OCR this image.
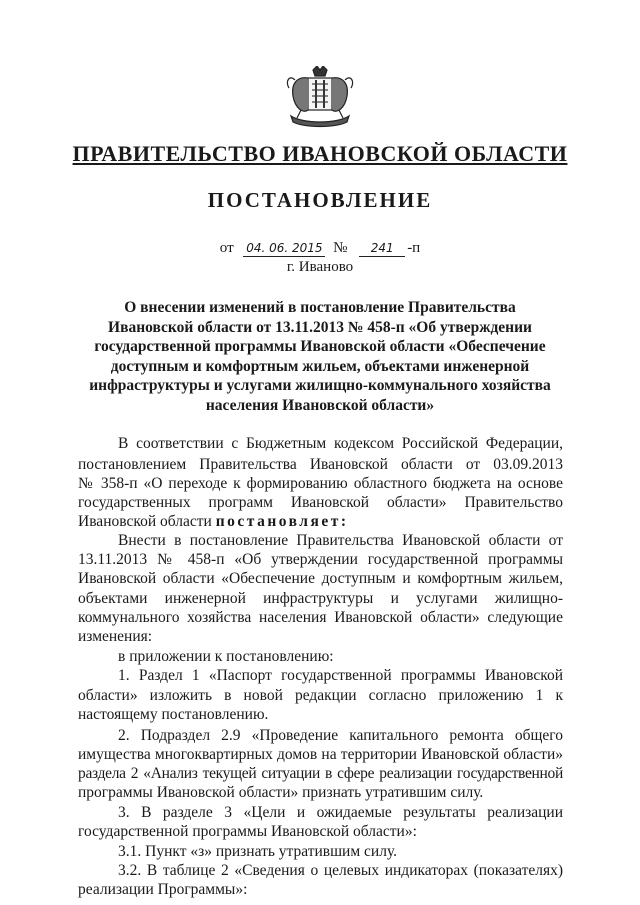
ПРАВИТЕЛЬСТВО ИВАНОВСКОЙ ОБЛАСТИ
ПОСТАНОВЛЕНИЕ
от 04. 06. 2015 № 241 -п
г. Иваново
О внесении изменений в постановление Правительства Ивановской области от 13.11.2013 № 458-п «Об утверждении государственной программы Ивановской области «Обеспечение доступным и комфортным жильем, объектами инженерной инфраструктуры и услугами жилищно-коммунального хозяйства населения Ивановской области»
В соответствии с Бюджетным кодексом Российской Федерации,
постановлением Правительства Ивановской области от 03.09.2013
№ 358-п «О переходе к формированию областного бюджета на основе
государственных программ Ивановской области» Правительство
Ивановской области постановляет:
Внести в постановление Правительства Ивановской области от
13.11.2013 № 458-п «Об утверждении государственной программы
Ивановской области «Обеспечение доступным и комфортным жильем,
объектами инженерной инфраструктуры и услугами жилищно-
коммунального хозяйства населения Ивановской области» следующие
изменения:
в приложении к постановлению:
1. Раздел 1 «Паспорт государственной программы Ивановской
области» изложить в новой редакции согласно приложению 1 к
настоящему постановлению.
2. Подраздел 2.9 «Проведение капитального ремонта общего
имущества многоквартирных домов на территории Ивановской области»
раздела 2 «Анализ текущей ситуации в сфере реализации государственной
программы Ивановской области» признать утратившим силу.
3. В разделе 3 «Цели и ожидаемые результаты реализации
государственной программы Ивановской области»:
3.1. Пункт «з» признать утратившим силу.
3.2. В таблице 2 «Сведения о целевых индикаторах (показателях)
реализации Программы»:
